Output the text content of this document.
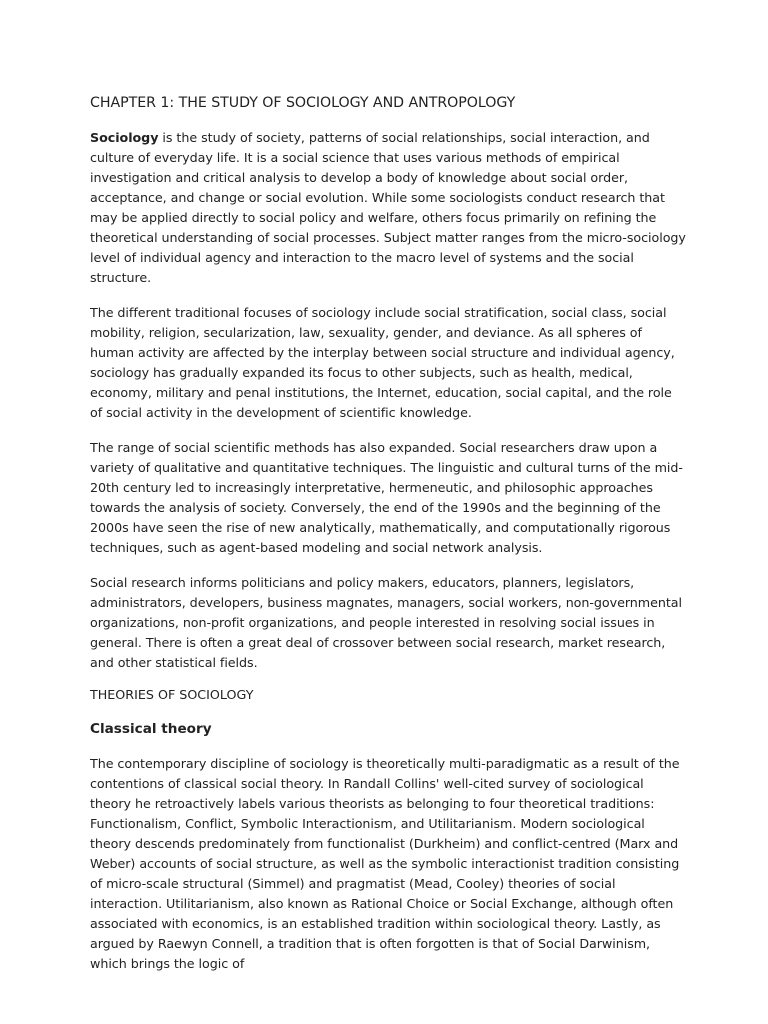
CHAPTER 1: THE STUDY OF SOCIOLOGY AND ANTROPOLOGY

Sociology is the study of society, patterns of social relationships, social interaction, and culture of everyday life. It is a social science that uses various methods of empirical investigation and critical analysis to develop a body of knowledge about social order, acceptance, and change or social evolution. While some sociologists conduct research that may be applied directly to social policy and welfare, others focus primarily on refining the theoretical understanding of social processes. Subject matter ranges from the micro-sociology level of individual agency and interaction to the macro level of systems and the social structure.

The different traditional focuses of sociology include social stratification, social class, social mobility, religion, secularization, law, sexuality, gender, and deviance. As all spheres of human activity are affected by the interplay between social structure and individual agency, sociology has gradually expanded its focus to other subjects, such as health, medical, economy, military and penal institutions, the Internet, education, social capital, and the role of social activity in the development of scientific knowledge.

The range of social scientific methods has also expanded. Social researchers draw upon a variety of qualitative and quantitative techniques. The linguistic and cultural turns of the mid-20th century led to increasingly interpretative, hermeneutic, and philosophic approaches towards the analysis of society. Conversely, the end of the 1990s and the beginning of the 2000s have seen the rise of new analytically, mathematically, and computationally rigorous techniques, such as agent-based modeling and social network analysis.

Social research informs politicians and policy makers, educators, planners, legislators, administrators, developers, business magnates, managers, social workers, non-governmental organizations, non-profit organizations, and people interested in resolving social issues in general. There is often a great deal of crossover between social research, market research, and other statistical fields.

THEORIES OF SOCIOLOGY
Classical theory

The contemporary discipline of sociology is theoretically multi-paradigmatic as a result of the contentions of classical social theory. In Randall Collins' well-cited survey of sociological theory he retroactively labels various theorists as belonging to four theoretical traditions: Functionalism, Conflict, Symbolic Interactionism, and Utilitarianism. Modern sociological theory descends predominately from functionalist (Durkheim) and conflict-centred (Marx and Weber) accounts of social structure, as well as the symbolic interactionist tradition consisting of micro-scale structural (Simmel) and pragmatist (Mead, Cooley) theories of social interaction. Utilitarianism, also known as Rational Choice or Social Exchange, although often associated with economics, is an established tradition within sociological theory. Lastly, as argued by Raewyn Connell, a tradition that is often forgotten is that of Social Darwinism, which brings the logic of
